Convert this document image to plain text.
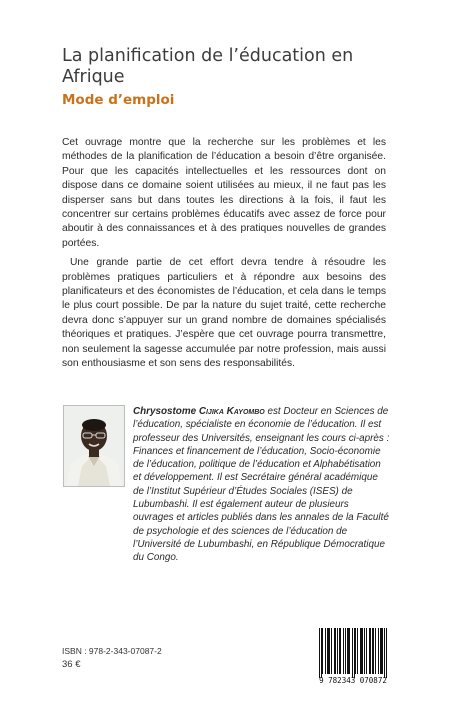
La planification de l’éducation en Afrique
Mode d’emploi

Cet ouvrage montre que la recherche sur les problèmes et les méthodes de la planification de l’éducation a besoin d’être organisée. Pour que les capacités intellectuelles et les ressources dont on dispose dans ce domaine soient utilisées au mieux, il ne faut pas les disperser sans but dans toutes les directions à la fois, il faut les concentrer sur certains problèmes éducatifs avec assez de force pour aboutir à des connaissances et à des pratiques nouvelles de grandes portées.

Une grande partie de cet effort devra tendre à résoudre les problèmes pratiques particuliers et à répondre aux besoins des planificateurs et des économistes de l’éducation, et cela dans le temps le plus court possible. De par la nature du sujet traité, cette recherche devra donc s’appuyer sur un grand nombre de domaines spécialisés théoriques et pratiques. J’espère que cet ouvrage pourra transmettre, non seulement la sagesse accumulée par notre profession, mais aussi son enthousiasme et son sens des responsabilités.

Chrysostome Cijika Kayombo est Docteur en Sciences de l’éducation, spécialiste en économie de l’éducation. Il est professeur des Universités, enseignant les cours ci-après : Finances et financement de l’éducation, Socio-économie de l’éducation, politique de l’éducation et Alphabétisation et développement. Il est Secrétaire général académique de l’Institut Supérieur d’Études Sociales (ISES) de Lubumbashi. Il est également auteur de plusieurs ouvrages et articles publiés dans les annales de la Faculté de psychologie et des sciences de l’éducation de l’Université de Lubumbashi, en République Démocratique du Congo.

ISBN : 978-2-343-07087-2
36 €
9 782343 070872
